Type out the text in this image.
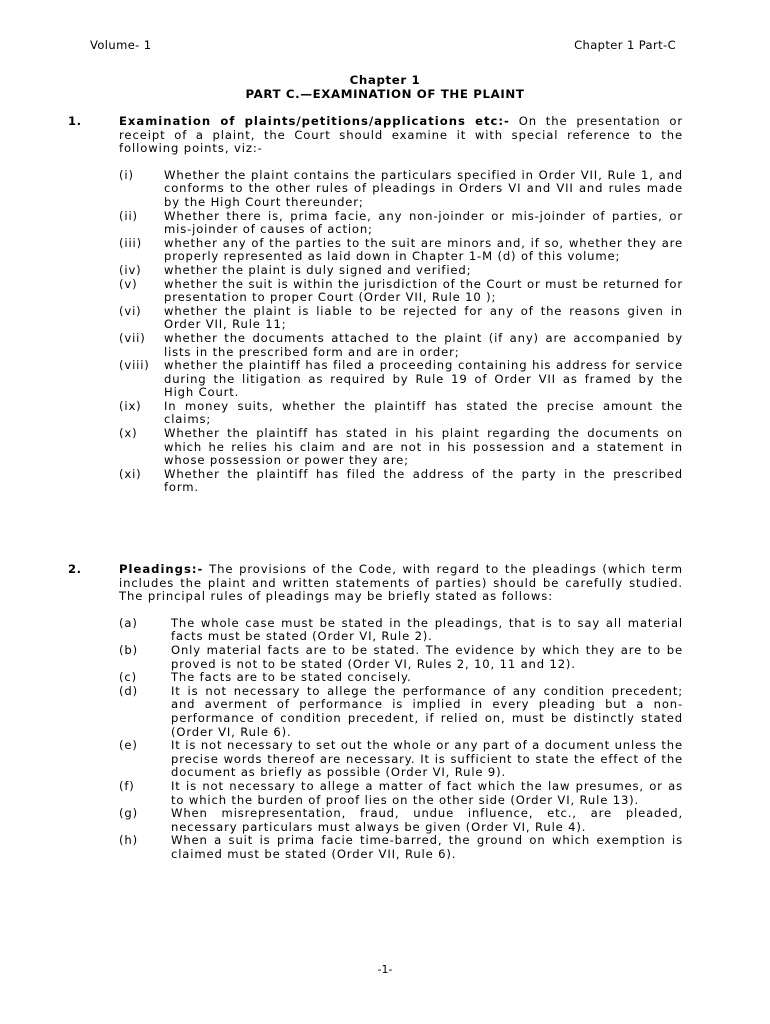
Volume- 1	Chapter 1 Part-C
Chapter 1
PART C.—EXAMINATION OF THE PLAINT
1.	Examination of plaints/petitions/applications etc:- On the presentation or receipt of a plaint, the Court should examine it with special reference to the following points, viz:-
(i)	Whether the plaint contains the particulars specified in Order VII, Rule 1, and conforms to the other rules of pleadings in Orders VI and VII and rules made by the High Court thereunder;
(ii) Whether there is, prima facie, any non-joinder or mis-joinder of parties, or mis-joinder of causes of action;
(iii) whether any of the parties to the suit are minors and, if so, whether they are properly represented as laid down in Chapter 1-M (d) of this volume;
(iv) whether the plaint is duly signed and verified;
(v) whether the suit is within the jurisdiction of the Court or must be returned for presentation to proper Court (Order VII, Rule 10 );
(vi) whether the plaint is liable to be rejected for any of the reasons given in Order VII, Rule 11;
(vii) whether the documents attached to the plaint (if any) are accompanied by lists in the prescribed form and are in order;
(viii) whether the plaintiff has filed a proceeding containing his address for service during the litigation as required by Rule 19 of Order VII as framed by the High Court.
(ix) In money suits, whether the plaintiff has stated the precise amount the claims;
(x) Whether the plaintiff has stated in his plaint regarding the documents on which he relies his claim and are not in his possession and a statement in whose possession or power they are;
(xi) Whether the plaintiff has filed the address of the party in the prescribed form.
2.	Pleadings:- The provisions of the Code, with regard to the pleadings (which term includes the plaint and written statements of parties) should be carefully studied. The principal rules of pleadings may be briefly stated as follows:
(a)	The whole case must be stated in the pleadings, that is to say all material facts must be stated (Order VI, Rule 2).
(b)	Only material facts are to be stated. The evidence by which they are to be proved is not to be stated (Order VI, Rules 2, 10, 11 and 12).
(c)	The facts are to be stated concisely.
(d)	It is not necessary to allege the performance of any condition precedent; and averment of performance is implied in every pleading but a non-performance of condition precedent, if relied on, must be distinctly stated (Order VI, Rule 6).
(e)	It is not necessary to set out the whole or any part of a document unless the precise words thereof are necessary. It is sufficient to state the effect of the document as briefly as possible (Order VI, Rule 9).
(f)	It is not necessary to allege a matter of fact which the law presumes, or as to which the burden of proof lies on the other side (Order VI, Rule 13).
(g)	When misrepresentation, fraud, undue influence, etc., are pleaded, necessary particulars must always be given (Order VI, Rule 4).
(h)	When a suit is prima facie time-barred, the ground on which exemption is claimed must be stated (Order VII, Rule 6).
-1-
